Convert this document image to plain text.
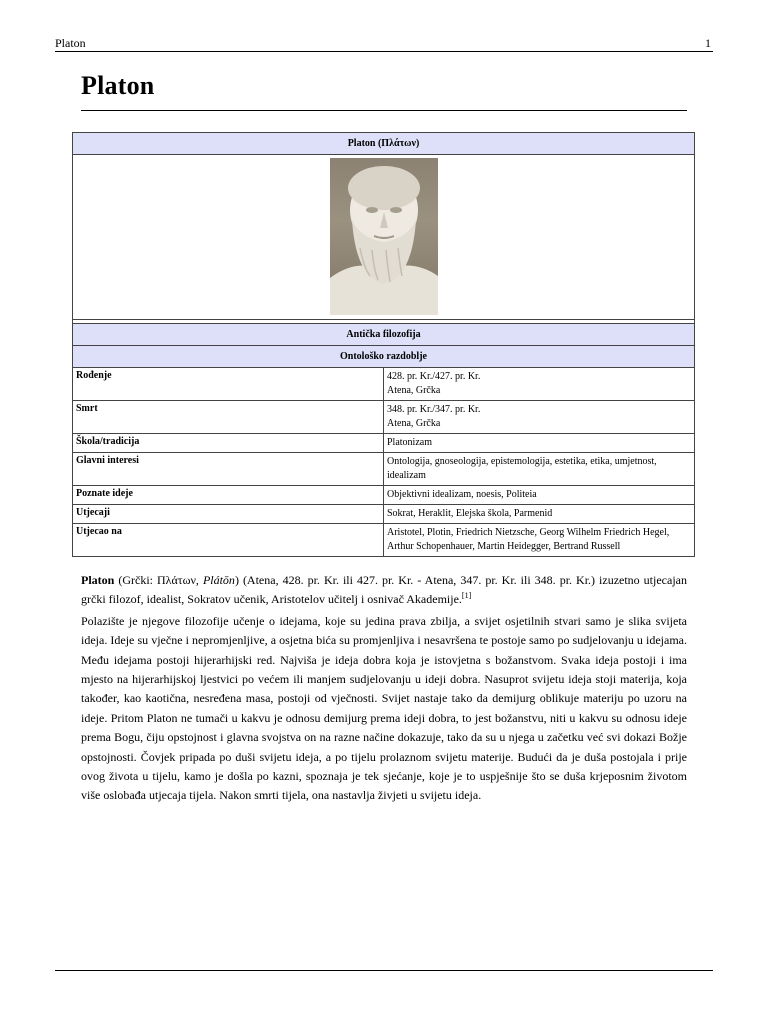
Platon	1
Platon
Platon (Πλάτων)	

Antička filozofija	
Ontološko razdoblje	
Rođenje	428. pr. Kr./427. pr. Kr.
Atena, Grčka

Smrt	348. pr. Kr./347. pr. Kr.
Atena, Grčka

Škola/tradicija	Platonizam
Glavni interesi	Ontologija, gnoseologija, epistemologija, estetika, etika, umjetnost, idealizam
Poznate ideje	Objektivni idealizam, noesis, Politeia
Utjecaji	Sokrat, Heraklit, Elejska škola, Parmenid
Utjecao na	Aristotel, Plotin, Friedrich Nietzsche, Georg Wilhelm Friedrich Hegel, Arthur Schopenhauer, Martin Heidegger, Bertrand Russell

Platon (Grčki: Πλάτων, Plátōn) (Atena, 428. pr. Kr. ili 427. pr. Kr. - Atena, 347. pr. Kr. ili 348. pr. Kr.) izuzetno utjecajan grčki filozof, idealist, Sokratov učenik, Aristotelov učitelj i osnivač Akademije.[1]

Polazište je njegove filozofije učenje o idejama, koje su jedina prava zbilja, a svijet osjetilnih stvari samo je slika svijeta ideja. Ideje su vječne i nepromjenljive, a osjetna bića su promjenljiva i nesavršena te postoje samo po sudjelovanju u idejama. Među idejama postoji hijerarhijski red. Najviša je ideja dobra koja je istovjetna s božanstvom. Svaka ideja postoji i ima mjesto na hijerarhijskoj ljestvici po većem ili manjem sudjelovanju u ideji dobra. Nasuprot svijetu ideja stoji materija, koja također, kao kaotična, nesređena masa, postoji od vječnosti. Svijet nastaje tako da demijurg oblikuje materiju po uzoru na ideje. Pritom Platon ne tumači u kakvu je odnosu demijurg prema ideji dobra, to jest božanstvu, niti u kakvu su odnosu ideje prema Bogu, čiju opstojnost i glavna svojstva on na razne načine dokazuje, tako da su u njega u začetku već svi dokazi Božje opstojnosti. Čovjek pripada po duši svijetu ideja, a po tijelu prolaznom svijetu materije. Budući da je duša postojala i prije ovog života u tijelu, kamo je došla po kazni, spoznaja je tek sjećanje, koje je to uspješnije što se duša krjeposnim životom više oslobađa utjecaja tijela. Nakon smrti tijela, ona nastavlja živjeti u svijetu ideja.
